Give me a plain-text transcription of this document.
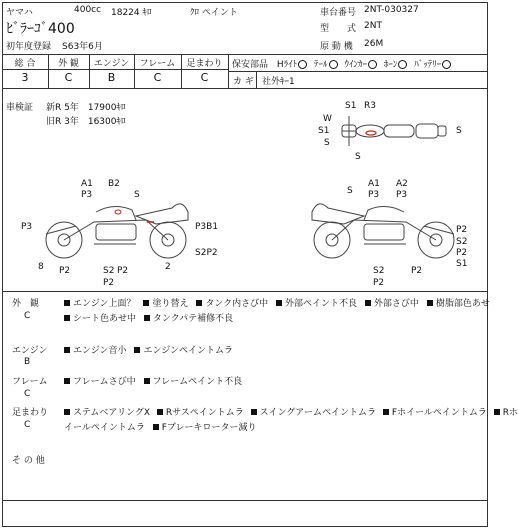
ヤマハ	400cc 18224 ｷﾛ	ｸﾛ ペイント	車台番号 2NT-030327
ﾋﾞﾗｰｺﾞ400	型　　式 2NT
初年度登録 S63年6月	原 動 機 26M
総 合	外 観	エンジン	フレーム	足まわり
3	C	B	C	C
保安部品 Hﾗｲﾄ ﾃｰﾙ ｳｲﾝｶｰ ﾎｰﾝ ﾊﾞｯﾃﾘｰ
カ ギ 社外ｷｰ1
車検証 新R 5年　17900ｷﾛ
旧R 3年　16300ｷﾛ
S1 R3
W
S1
S
S
S
A1
P3
B2
S
P3	P3B1
S2P2
8 P2	S2 P2
P2
2
S
A1
P3
A2
P3
P2
S2
P2
S1
S2
P2
P2
外　観
C
エンジン上面？ 塗り替え タンク内さび中 外部ペイント不良 外部さび中 樹脂部色あせ
シート色あせ中 タンクパテ補修不良
エンジン
B
エンジン音小 エンジンペイントムラ
フレーム
C
フレームさび中 フレームペイント不良
足まわり
C
ステムベアリングX Rサスペイントムラ スイングアームペイントムラ Fホイールペイントムラ Rホ
イールペイントムラ Fブレーキローター減り
そ の 他
